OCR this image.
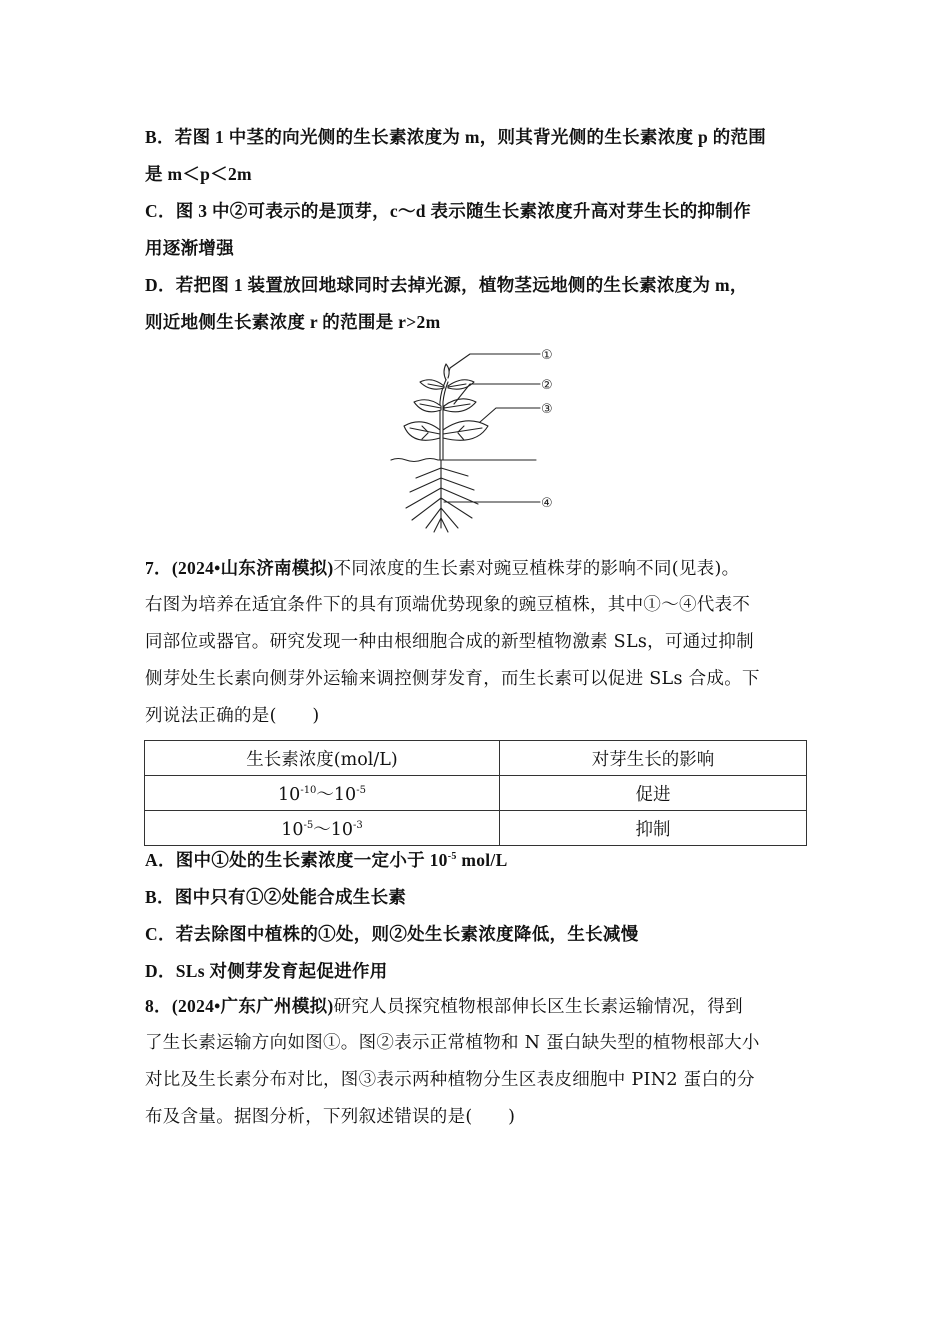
B．若图 1 中茎的向光侧的生长素浓度为 m，则其背光侧的生长素浓度 p 的范围
是 m＜p＜2m
C．图 3 中②可表示的是顶芽，c～d 表示随生长素浓度升高对芽生长的抑制作
用逐渐增强
D．若把图 1 装置放回地球同时去掉光源，植物茎远地侧的生长素浓度为 m，
则近地侧生长素浓度 r 的范围是 r>2m
①
②
③
④
7．(2024•山东济南模拟)不同浓度的生长素对豌豆植株芽的影响不同(见表)。
右图为培养在适宜条件下的具有顶端优势现象的豌豆植株，其中①～④代表不
同部位或器官。研究发现一种由根细胞合成的新型植物激素 SLs，可通过抑制
侧芽处生长素向侧芽外运输来调控侧芽发育，而生长素可以促进 SLs 合成。下
列说法正确的是(　　)
生长素浓度(mol/L)	对芽生长的影响
$10^{-10}\sim 10^{-5}$	促进
$10^{-5}\sim 10^{-3}$	抑制
A．图中①处的生长素浓度一定小于 $10^{-5}$ mol/L
B．图中只有①②处能合成生长素
C．若去除图中植株的①处，则②处生长素浓度降低，生长减慢
D．SLs 对侧芽发育起促进作用
8．(2024•广东广州模拟)研究人员探究植物根部伸长区生长素运输情况，得到
了生长素运输方向如图①。图②表示正常植物和 N 蛋白缺失型的植物根部大小
对比及生长素分布对比，图③表示两种植物分生区表皮细胞中 PIN2 蛋白的分
布及含量。据图分析，下列叙述错误的是(　　)
